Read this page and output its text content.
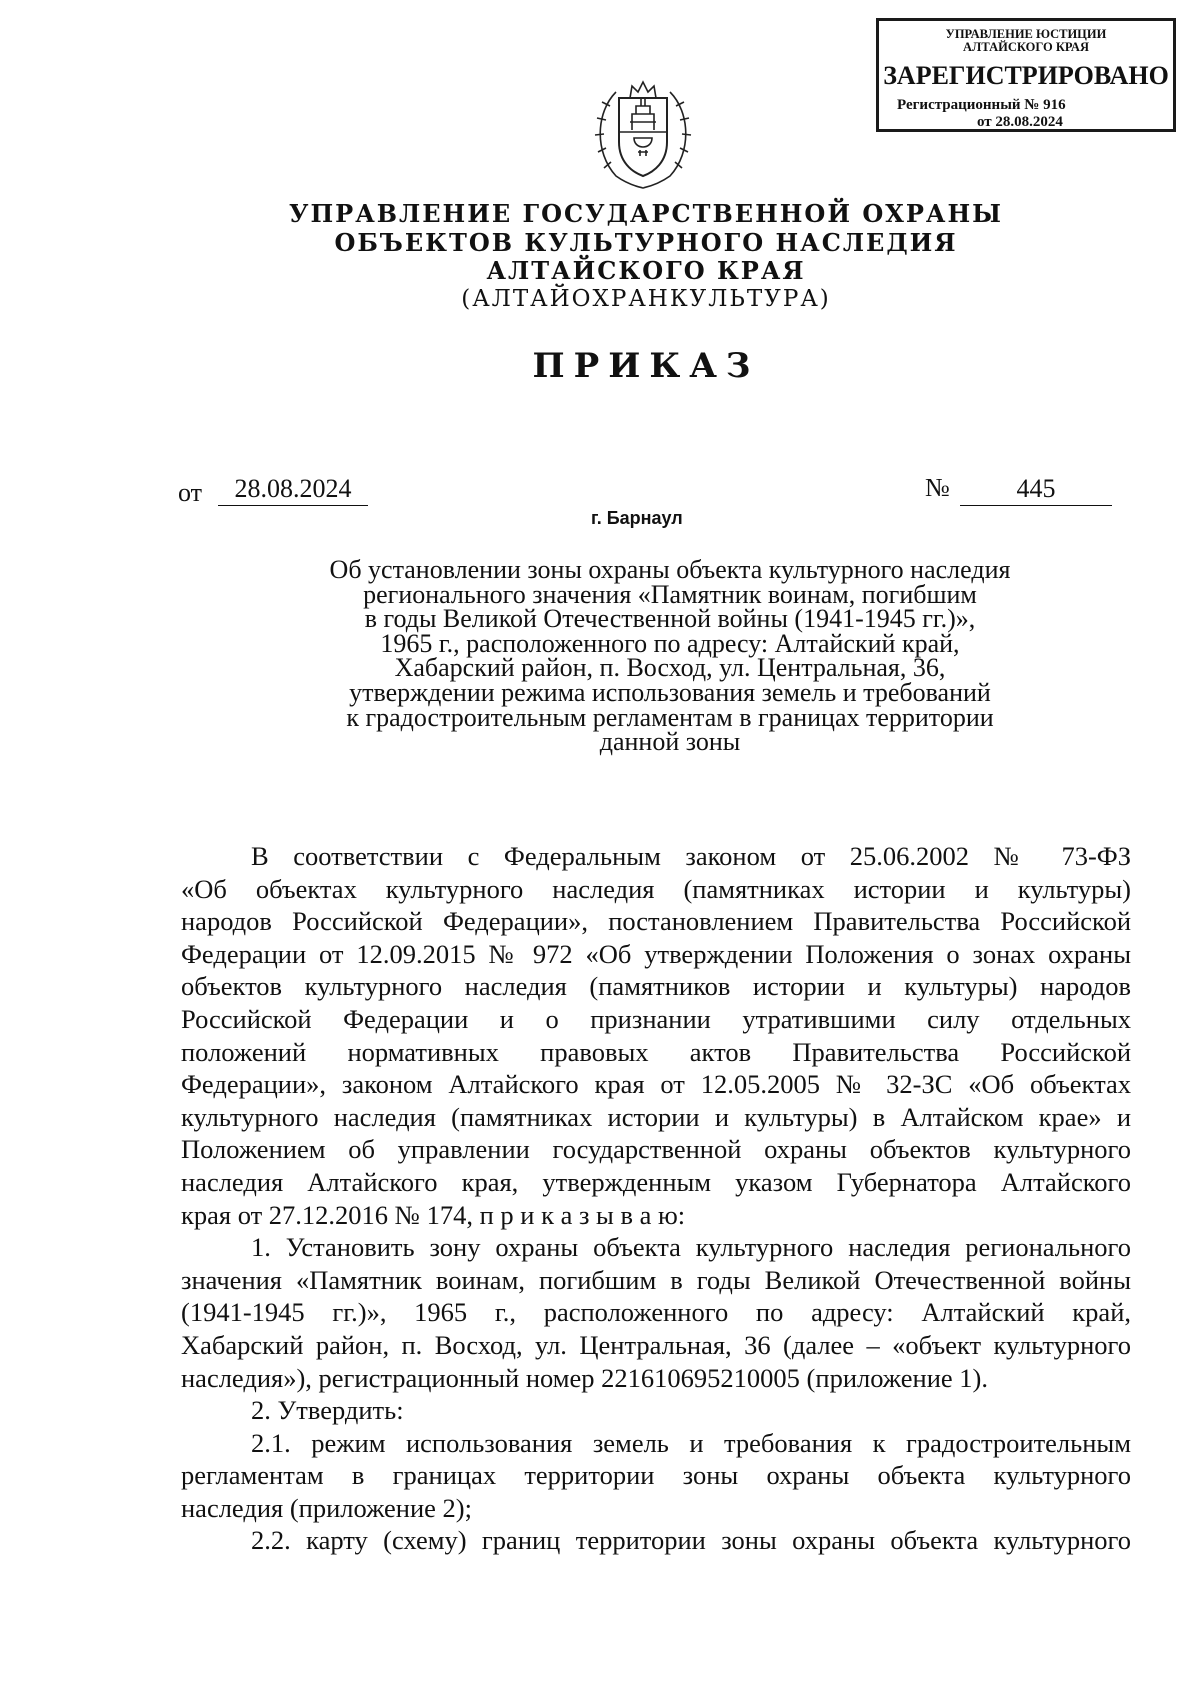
УПРАВЛЕНИЕ ЮСТИЦИИ
АЛТАЙСКОГО КРАЯ
ЗАРЕГИСТРИРОВАНО
Регистрационный № 916
от 28.08.2024
УПРАВЛЕНИЕ ГОСУДАРСТВЕННОЙ ОХРАНЫ
ОБЪЕКТОВ КУЛЬТУРНОГО НАСЛЕДИЯ
АЛТАЙСКОГО КРАЯ
(АЛТАЙОХРАНКУЛЬТУРА)
ПРИКАЗ
от	28.08.2024	№	445
г. Барнаул
Об установлении зоны охраны объекта культурного наследия
регионального значения «Памятник воинам, погибшим
в годы Великой Отечественной войны (1941-1945 гг.)»,
1965 г., расположенного по адресу: Алтайский край,
Хабарский район, п. Восход, ул. Центральная, 36,
утверждении режима использования земель и требований
к градостроительным регламентам в границах территории
данной зоны
В соответствии с Федеральным законом от 25.06.2002 № 73-ФЗ
«Об объектах культурного наследия (памятниках истории и культуры)
народов Российской Федерации», постановлением Правительства Российской
Федерации от 12.09.2015 № 972 «Об утверждении Положения о зонах охраны
объектов культурного наследия (памятников истории и культуры) народов
Российской Федерации и о признании утратившими силу отдельных
положений нормативных правовых актов Правительства Российской
Федерации», законом Алтайского края от 12.05.2005 № 32-ЗС «Об объектах
культурного наследия (памятниках истории и культуры) в Алтайском крае» и
Положением об управлении государственной охраны объектов культурного
наследия Алтайского края, утвержденным указом Губернатора Алтайского
края от 27.12.2016 № 174, п р и к а з ы в а ю:
1. Установить зону охраны объекта культурного наследия регионального
значения «Памятник воинам, погибшим в годы Великой Отечественной войны
(1941-1945 гг.)», 1965 г., расположенного по адресу: Алтайский край,
Хабарский район, п. Восход, ул. Центральная, 36 (далее – «объект культурного
наследия»), регистрационный номер 221610695210005 (приложение 1).
2. Утвердить:
2.1. режим использования земель и требования к градостроительным
регламентам в границах территории зоны охраны объекта культурного
наследия (приложение 2);
2.2. карту (схему) границ территории зоны охраны объекта культурного
